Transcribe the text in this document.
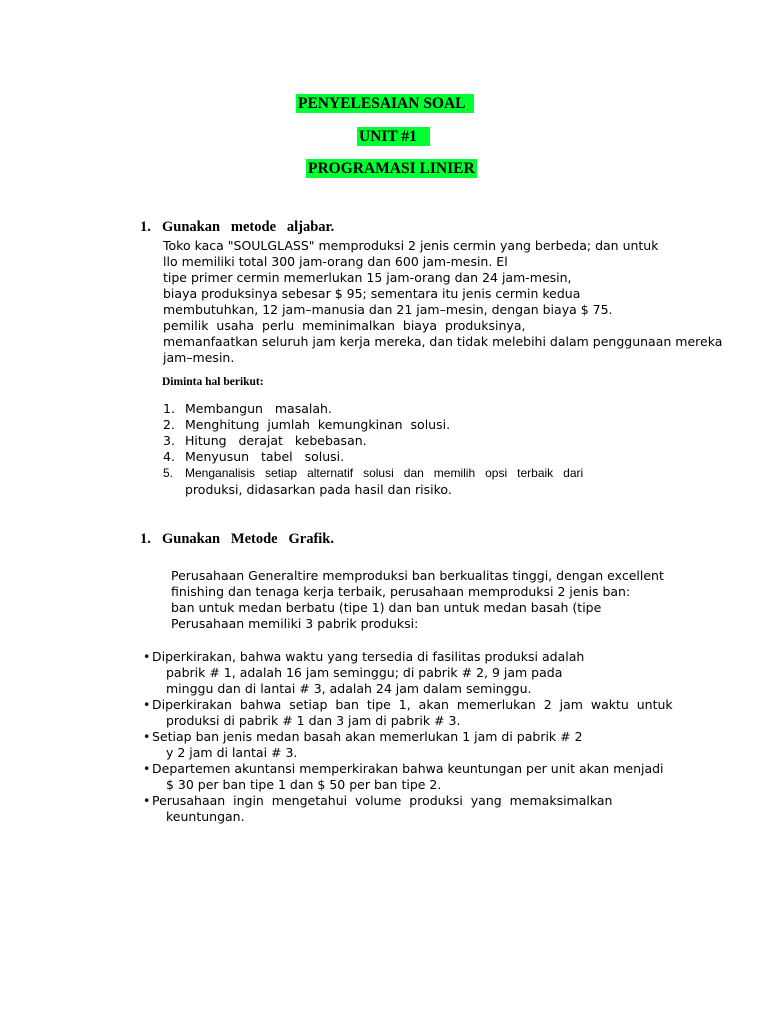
PENYELESAIAN SOAL
UNIT #1
PROGRAMASI LINIER
1. Gunakan   metode   aljabar.
Toko kaca "SOULGLASS" memproduksi 2 jenis cermin yang berbeda; dan untuk
llo memiliki total 300 jam-orang dan 600 jam-mesin. El
tipe primer cermin memerlukan 15 jam-orang dan 24 jam-mesin,
biaya produksinya sebesar $ 95; sementara itu jenis cermin kedua
membutuhkan, 12 jam–manusia dan 21 jam–mesin, dengan biaya $ 75.
pemilik  usaha  perlu  meminimalkan  biaya  produksinya,
memanfaatkan seluruh jam kerja mereka, dan tidak melebihi dalam penggunaan mereka
jam–mesin.
Diminta hal berikut:
1. Membangun   masalah.
2. Menghitung  jumlah  kemungkinan  solusi.
3. Hitung   derajat   kebebasan.
4. Menyusun   tabel   solusi.
5. Menganalisis   setiap   alternatif   solusi   dan   memilih   opsi   terbaik   dari
produksi, didasarkan pada hasil dan risiko.
1. Gunakan   Metode   Grafik.
Perusahaan Generaltire memproduksi ban berkualitas tinggi, dengan excellent
finishing dan tenaga kerja terbaik, perusahaan memproduksi 2 jenis ban:
ban untuk medan berbatu (tipe 1) dan ban untuk medan basah (tipe
Perusahaan memiliki 3 pabrik produksi:
• Diperkirakan, bahwa waktu yang tersedia di fasilitas produksi adalah
pabrik # 1, adalah 16 jam seminggu; di pabrik # 2, 9 jam pada
minggu dan di lantai # 3, adalah 24 jam dalam seminggu.
• Diperkirakan  bahwa  setiap  ban  tipe  1,  akan  memerlukan  2  jam  waktu  untuk
produksi di pabrik # 1 dan 3 jam di pabrik # 3.
• Setiap ban jenis medan basah akan memerlukan 1 jam di pabrik # 2
y 2 jam di lantai # 3.
• Departemen akuntansi memperkirakan bahwa keuntungan per unit akan menjadi
$ 30 per ban tipe 1 dan $ 50 per ban tipe 2.
• Perusahaan  ingin  mengetahui  volume  produksi  yang  memaksimalkan
keuntungan.
